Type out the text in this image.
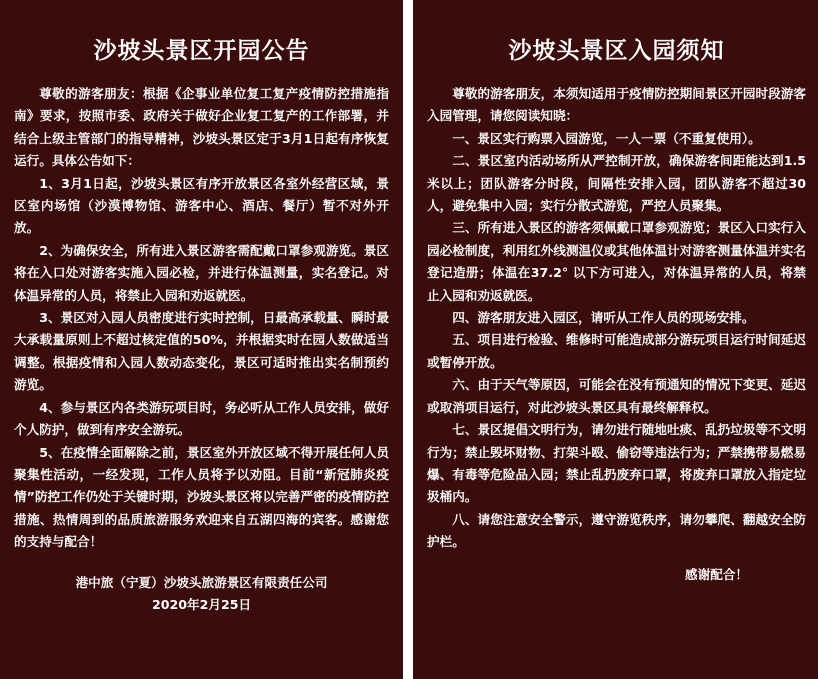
沙坡头景区开园公告

尊敬的游客朋友：根据《企事业单位复工复产疫情防控措施指南》要求，按照市委、政府关于做好企业复工复产的工作部署，并结合上级主管部门的指导精神，沙坡头景区定于3月1日起有序恢复运行。具体公告如下：

1、3月1日起，沙坡头景区有序开放景区各室外经营区域，景区室内场馆（沙漠博物馆、游客中心、酒店、餐厅）暂不对外开放。

2、为确保安全，所有进入景区游客需配戴口罩参观游览。景区将在入口处对游客实施入园必检，并进行体温测量，实名登记。对体温异常的人员，将禁止入园和劝返就医。

3、景区对入园人员密度进行实时控制，日最高承载量、瞬时最大承载量原则上不超过核定值的50%，并根据实时在园人数做适当调整。根据疫情和入园人数动态变化，景区可适时推出实名制预约游览。

4、参与景区内各类游玩项目时，务必听从工作人员安排，做好个人防护，做到有序安全游玩。

5、在疫情全面解除之前，景区室外开放区域不得开展任何人员聚集性活动，一经发现，工作人员将予以劝阻。目前“新冠肺炎疫情”防控工作仍处于关键时期，沙坡头景区将以完善严密的疫情防控措施、热情周到的品质旅游服务欢迎来自五湖四海的宾客。感谢您的支持与配合！

港中旅（宁夏）沙坡头旅游景区有限责任公司
2020年2月25日
沙坡头景区入园须知

尊敬的游客朋友，本须知适用于疫情防控期间景区开园时段游客入园管理，请您阅读知晓：

一、景区实行购票入园游览，一人一票（不重复使用）。

二、景区室内活动场所从严控制开放，确保游客间距能达到1.5米以上；团队游客分时段，间隔性安排入园，团队游客不超过30人，避免集中入园；实行分散式游览，严控人员聚集。

三、所有进入景区的游客须佩戴口罩参观游览；景区入口实行入园必检制度，利用红外线测温仪或其他体温计对游客测量体温并实名登记造册；体温在37.2° 以下方可进入，对体温异常的人员，将禁止入园和劝返就医。

四、游客朋友进入园区，请听从工作人员的现场安排。

五、项目进行检验、维修时可能造成部分游玩项目运行时间延迟或暂停开放。

六、由于天气等原因，可能会在没有预通知的情况下变更、延迟或取消项目运行，对此沙坡头景区具有最终解释权。

七、景区提倡文明行为，请勿进行随地吐痰、乱扔垃圾等不文明行为；禁止毁坏财物、打架斗殴、偷窃等违法行为；严禁携带易燃易爆、有毒等危险品入园；禁止乱扔废弃口罩，将废弃口罩放入指定垃圾桶内。

八、请您注意安全警示，遵守游览秩序，请勿攀爬、翻越安全防护栏。

感谢配合！
